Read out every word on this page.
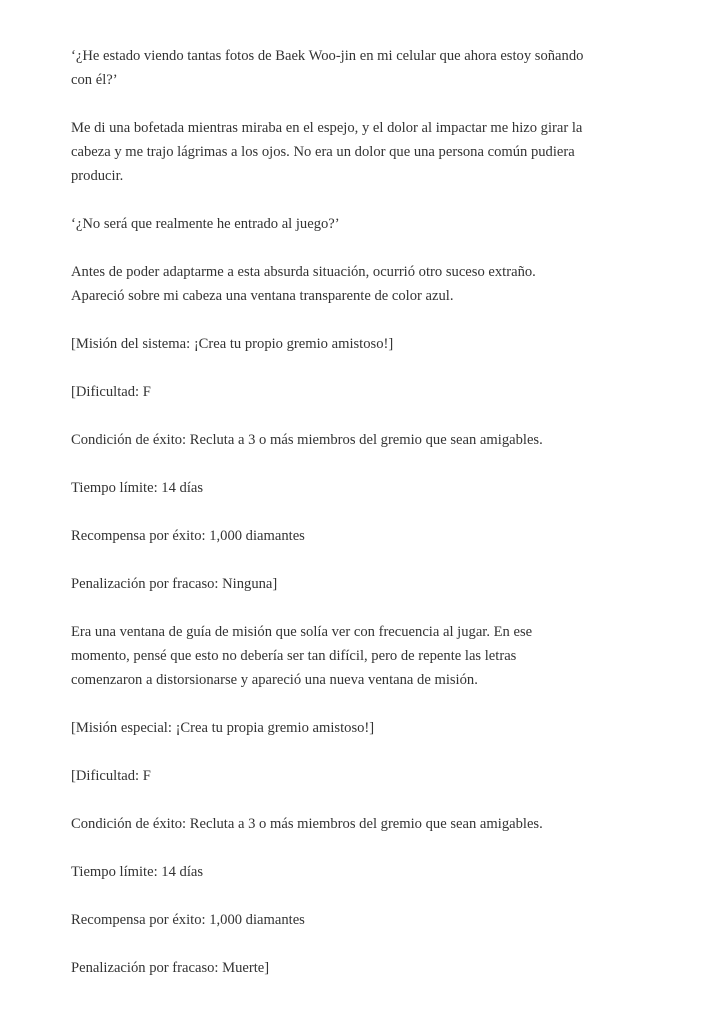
‘¿He estado viendo tantas fotos de Baek Woo-jin en mi celular que ahora estoy soñando
con él?’

Me di una bofetada mientras miraba en el espejo, y el dolor al impactar me hizo girar la
cabeza y me trajo lágrimas a los ojos. No era un dolor que una persona común pudiera
producir.

‘¿No será que realmente he entrado al juego?’

Antes de poder adaptarme a esta absurda situación, ocurrió otro suceso extraño.
Apareció sobre mi cabeza una ventana transparente de color azul.

[Misión del sistema: ¡Crea tu propio gremio amistoso!]

[Dificultad: F

Condición de éxito: Recluta a 3 o más miembros del gremio que sean amigables.

Tiempo límite: 14 días

Recompensa por éxito: 1,000 diamantes

Penalización por fracaso: Ninguna]

Era una ventana de guía de misión que solía ver con frecuencia al jugar. En ese
momento, pensé que esto no debería ser tan difícil, pero de repente las letras
comenzaron a distorsionarse y apareció una nueva ventana de misión.

[Misión especial: ¡Crea tu propia gremio amistoso!]

[Dificultad: F

Condición de éxito: Recluta a 3 o más miembros del gremio que sean amigables.

Tiempo límite: 14 días

Recompensa por éxito: 1,000 diamantes

Penalización por fracaso: Muerte]
